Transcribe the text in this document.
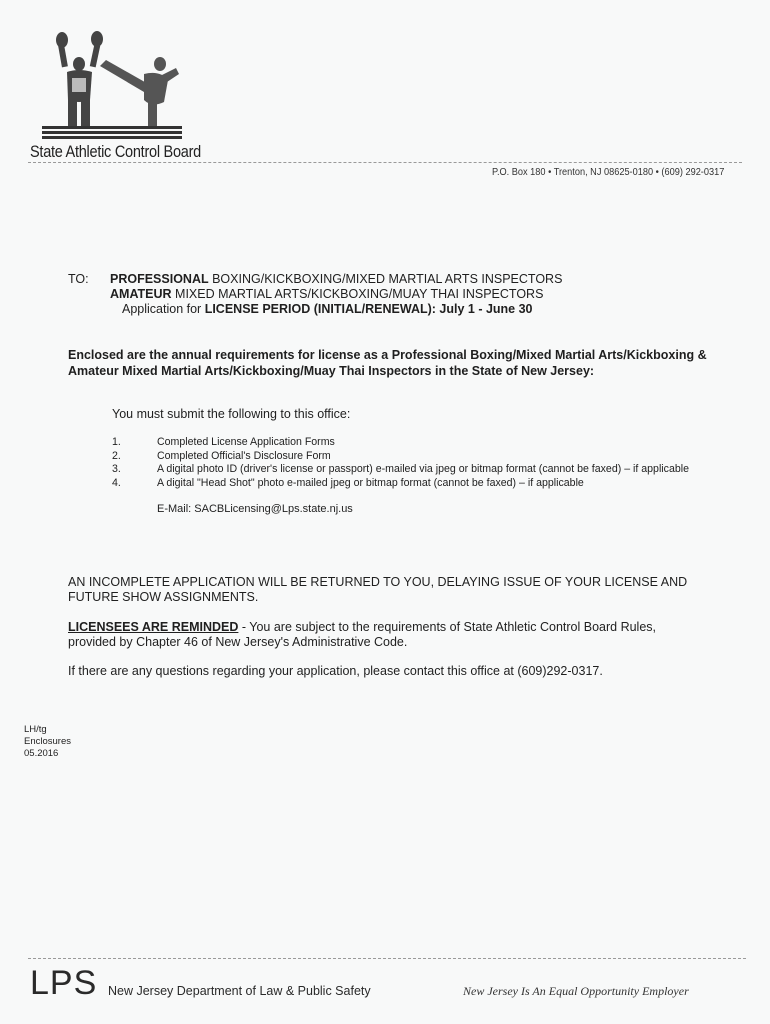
State Athletic Control Board
P.O. Box 180 • Trenton, NJ 08625-0180 • (609) 292-0317
TO: PROFESSIONAL BOXING/KICKBOXING/MIXED MARTIAL ARTS INSPECTORS
AMATEUR MIXED MARTIAL ARTS/KICKBOXING/MUAY THAI INSPECTORS
Application for LICENSE PERIOD (INITIAL/RENEWAL): July 1 - June 30
Enclosed are the annual requirements for license as a Professional Boxing/Mixed Martial Arts/Kickboxing & Amateur Mixed Martial Arts/Kickboxing/Muay Thai Inspectors in the State of New Jersey:
You must submit the following to this office:
1.	Completed License Application Forms
2.	Completed Official's Disclosure Form
3.	A digital photo ID (driver's license or passport) e-mailed via jpeg or bitmap format (cannot be faxed) – if applicable
4.	A digital "Head Shot" photo e-mailed jpeg or bitmap format (cannot be faxed) – if applicable
E-Mail: SACBLicensing@Lps.state.nj.us
AN INCOMPLETE APPLICATION WILL BE RETURNED TO YOU, DELAYING ISSUE OF YOUR LICENSE AND FUTURE SHOW ASSIGNMENTS.
LICENSEES ARE REMINDED - You are subject to the requirements of State Athletic Control Board Rules, provided by Chapter 46 of New Jersey's Administrative Code.
If there are any questions regarding your application, please contact this office at (609)292-0317.
LH/tg
Enclosures
05.2016
LPS New Jersey Department of Law & Public Safety	New Jersey Is An Equal Opportunity Employer
